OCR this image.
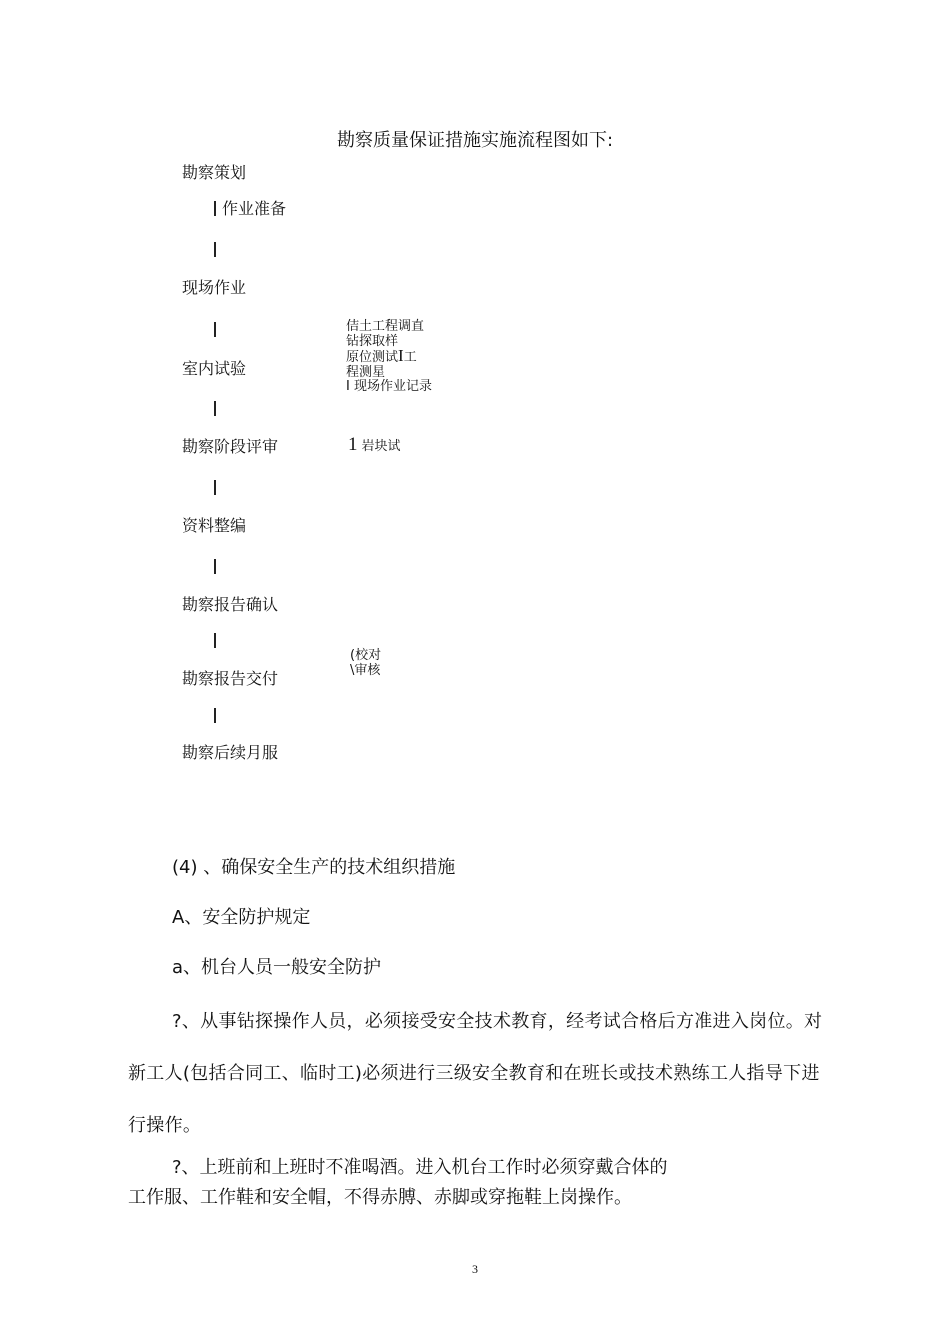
勘察质量保证措施实施流程图如下:
勘察策划
作业准备
现场作业
室内试验
勘察阶段评审
资料整编
勘察报告确认
勘察报告交付
勘察后续月服
佶土工程调直
钻探取样
原位测试I工
程测星
I 现场作业记录
1 岩块试
(校对
\审核
(4) 、确保安全生产的技术组织措施
A、安全防护规定
a、机台人员一般安全防护
?、从事钻探操作人员，必须接受安全技术教育，经考试合格后方准进入岗位。对新工人(包括合同工、临时工)必须进行三级安全教育和在班长或技术熟练工人指导下进行操作。
?、上班前和上班时不准喝酒。进入机台工作时必须穿戴合体的
工作服、工作鞋和安全帽，不得赤膊、赤脚或穿拖鞋上岗操作。
3
